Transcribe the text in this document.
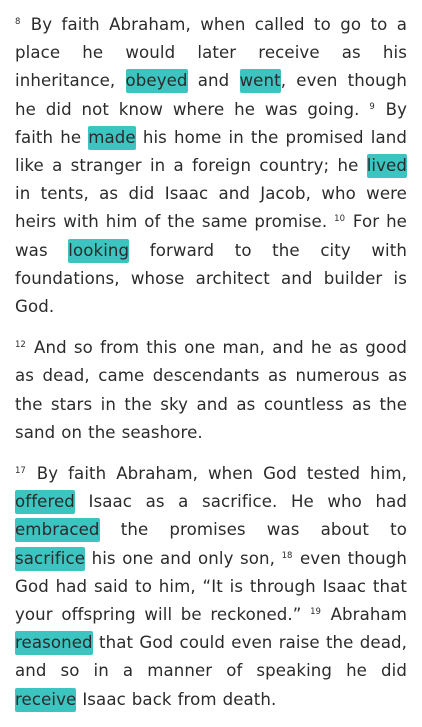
$^8$ By faith Abraham, when called to go to a place he would later receive as his inheritance, obeyed and went, even though he did not know where he was going. $^9$ By faith he made his home in the promised land like a stranger in a foreign country; he lived in tents, as did Isaac and Jacob, who were heirs with him of the same promise. $^{10}$ For he was looking forward to the city with foundations, whose architect and builder is God.

$^{12}$ And so from this one man, and he as good as dead, came descendants as numerous as the stars in the sky and as countless as the sand on the seashore.

$^{17}$ By faith Abraham, when God tested him, offered Isaac as a sacrifice. He who had embraced the promises was about to sacrifice his one and only son, $^{18}$ even though God had said to him, “It is through Isaac that your offspring will be reckoned.” $^{19}$ Abraham reasoned that God could even raise the dead, and so in a manner of speaking he did receive Isaac back from death.
